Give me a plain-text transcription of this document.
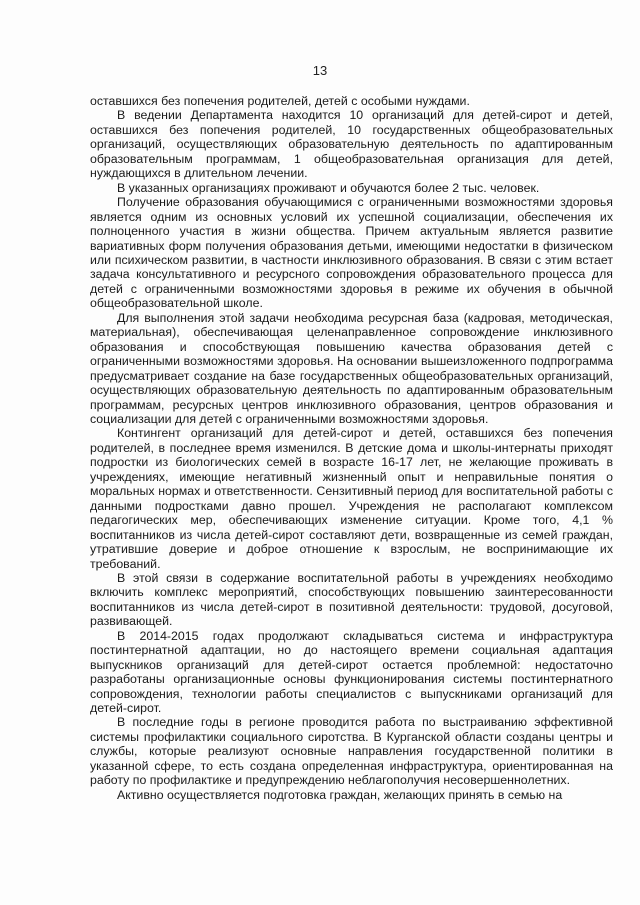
13

оставшихся без попечения родителей, детей с особыми нуждами.

В ведении Департамента находится 10 организаций для детей-сирот и детей, оставшихся без попечения родителей, 10 государственных общеобразовательных организаций, осуществляющих образовательную деятельность по адаптированным образовательным программам, 1 общеобразовательная организация для детей, нуждающихся в длительном лечении.

В указанных организациях проживают и обучаются более 2 тыс. человек.

Получение образования обучающимися с ограниченными возможностями здоровья является одним из основных условий их успешной социализации, обеспечения их полноценного участия в жизни общества. Причем актуальным является развитие вариативных форм получения образования детьми, имеющими недостатки в физическом или психическом развитии, в частности инклюзивного образования. В связи с этим встает задача консультативного и ресурсного сопровождения образовательного процесса для детей с ограниченными возможностями здоровья в режиме их обучения в обычной общеобразовательной школе.

Для выполнения этой задачи необходима ресурсная база (кадровая, методическая, материальная), обеспечивающая целенаправленное сопровождение инклюзивного образования и способствующая повышению качества образования детей с ограниченными возможностями здоровья. На основании вышеизложенного подпрограмма предусматривает создание на базе государственных общеобразовательных организаций, осуществляющих образовательную деятельность по адаптированным образовательным программам, ресурсных центров инклюзивного образования, центров образования и социализации для детей с ограниченными возможностями здоровья.

Контингент организаций для детей-сирот и детей, оставшихся без попечения родителей, в последнее время изменился. В детские дома и школы-интернаты приходят подростки из биологических семей в возрасте 16-17 лет, не желающие проживать в учреждениях, имеющие негативный жизненный опыт и неправильные понятия о моральных нормах и ответственности. Сензитивный период для воспитательной работы с данными подростками давно прошел. Учреждения не располагают комплексом педагогических мер, обеспечивающих изменение ситуации. Кроме того, 4,1 % воспитанников из числа детей-сирот составляют дети, возвращенные из семей граждан, утратившие доверие и доброе отношение к взрослым, не воспринимающие их требований.

В этой связи в содержание воспитательной работы в учреждениях необходимо включить комплекс мероприятий, способствующих повышению заинтересованности воспитанников из числа детей-сирот в позитивной деятельности: трудовой, досуговой, развивающей.

В 2014-2015 годах продолжают складываться система и инфраструктура постинтернатной адаптации, но до настоящего времени социальная адаптация выпускников организаций для детей-сирот остается проблемной: недостаточно разработаны организационные основы функционирования системы постинтернатного сопровождения, технологии работы специалистов с выпускниками организаций для детей-сирот.

В последние годы в регионе проводится работа по выстраиванию эффективной системы профилактики социального сиротства. В Курганской области созданы центры и службы, которые реализуют основные направления государственной политики в указанной сфере, то есть создана определенная инфраструктура, ориентированная на работу по профилактике и предупреждению неблагополучия несовершеннолетних.

Активно осуществляется подготовка граждан, желающих принять в семью на
